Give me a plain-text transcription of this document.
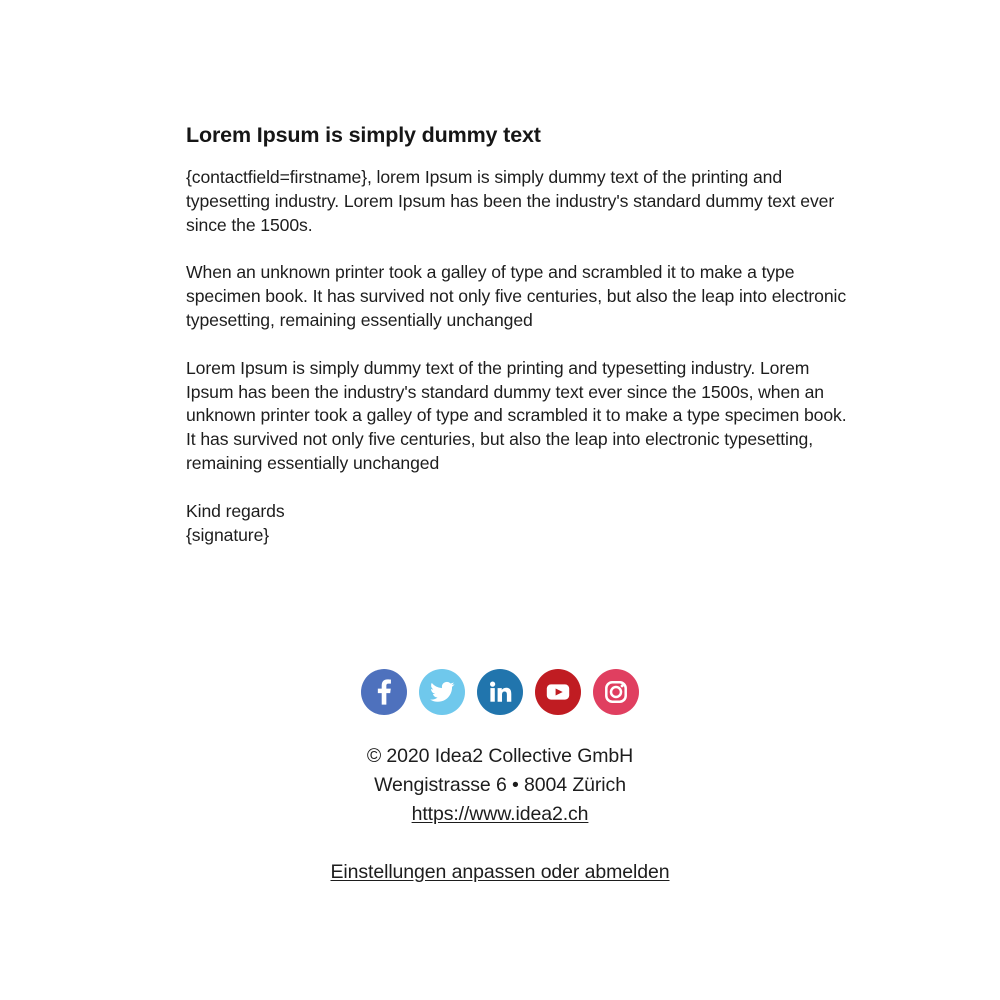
Lorem Ipsum is simply dummy text

{contactfield=firstname}, lorem Ipsum is simply dummy text of the printing and typesetting industry. Lorem Ipsum has been the industry's standard dummy text ever since the 1500s.

When an unknown printer took a galley of type and scrambled it to make a type specimen book. It has survived not only five centuries, but also the leap into electronic typesetting, remaining essentially unchanged

Lorem Ipsum is simply dummy text of the printing and typesetting industry. Lorem Ipsum has been the industry's standard dummy text ever since the 1500s, when an unknown printer took a galley of type and scrambled it to make a type specimen book. It has survived not only five centuries, but also the leap into electronic typesetting, remaining essentially unchanged

Kind regards
{signature}
© 2020 Idea2 Collective GmbH
Wengistrasse 6 • 8004 Zürich
https://www.idea2.ch
Einstellungen anpassen oder abmelden
